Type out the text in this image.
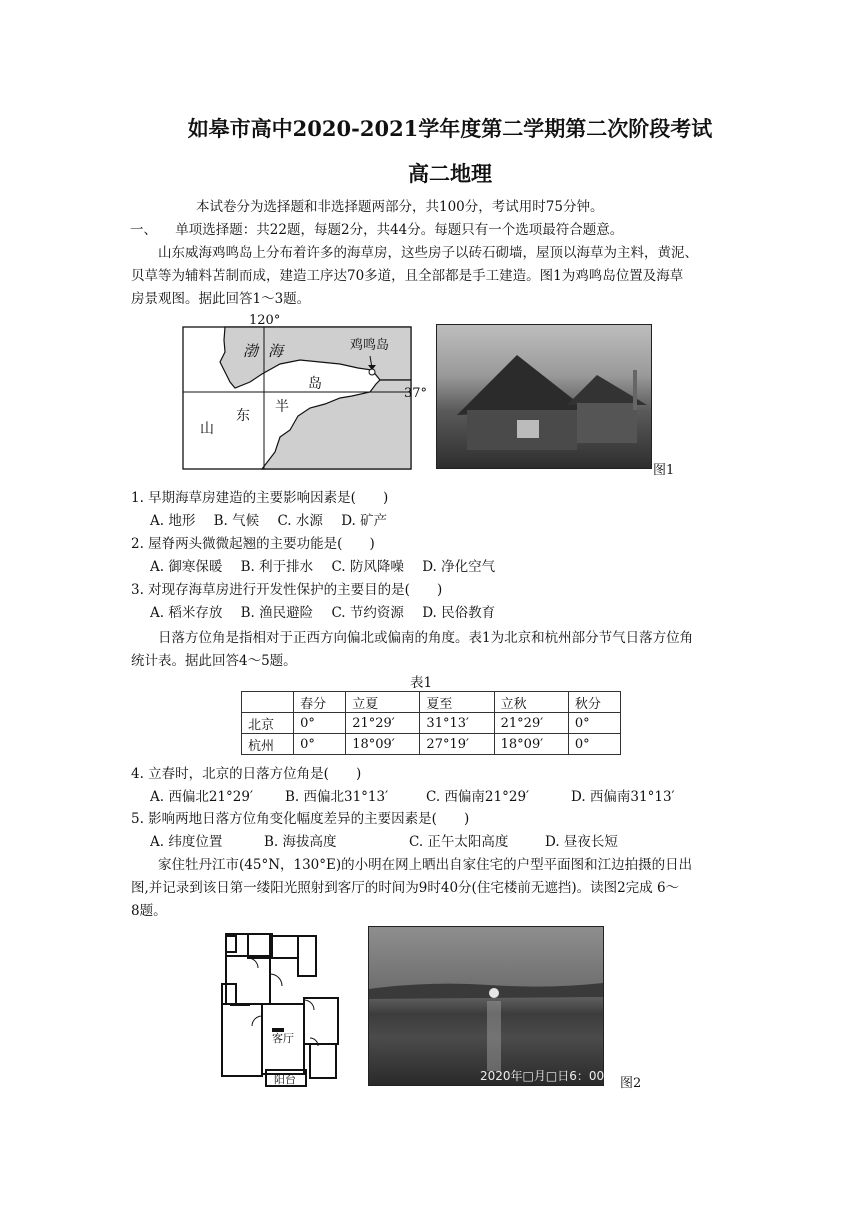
如皋市高中2020-2021学年度第二学期第二次阶段考试
高二地理
本试卷分为选择题和非选择题两部分，共100分，考试用时75分钟。
一、 单项选择题：共22题，每题2分，共44分。每题只有一个选项最符合题意。
山东威海鸡鸣岛上分布着许多的海草房，这些房子以砖石砌墙，屋顶以海草为主料，黄泥、
贝草等为辅料苫制而成，建造工序达70多道，且全部都是手工建造。图1为鸡鸣岛位置及海草
房景观图。据此回答1～3题。
120°
37°
渤 海	鸡鸣岛
岛
半
东
山
图1
1. 早期海草房建造的主要影响因素是(　　)
A. 地形 B. 气候 C. 水源 D. 矿产
2. 屋脊两头微微起翘的主要功能是(　　)
A. 御寒保暖 B. 利于排水 C. 防风降噪 D. 净化空气
3. 对现存海草房进行开发性保护的主要目的是(　　)
A. 稻米存放 B. 渔民避险 C. 节约资源 D. 民俗教育
日落方位角是指相对于正西方向偏北或偏南的角度。表1为北京和杭州部分节气日落方位角
统计表。据此回答4～5题。
表1
	春分	立夏	夏至	立秋	秋分
北京	0°	21°29′	31°13′	21°29′	0°
杭州	0°	18°09′	27°19′	18°09′	0°
4. 立春时，北京的日落方位角是(　　)
A. 西偏北21°29′ B. 西偏北31°13′	C. 西偏南21°29′	D. 西偏南31°13′
5. 影响两地日落方位角变化幅度差异的主要因素是(　　)
A. 纬度位置	B. 海拔高度	C. 正午太阳高度	D. 昼夜长短
家住牡丹江市(45°N，130°E)的小明在网上晒出自家住宅的户型平面图和江边拍摄的日出
图,并记录到该日第一缕阳光照射到客厅的时间为9时40分(住宅楼前无遮挡)。读图2完成 6～
8题。
客厅
阳台	2020年□月□日6：00 图2
